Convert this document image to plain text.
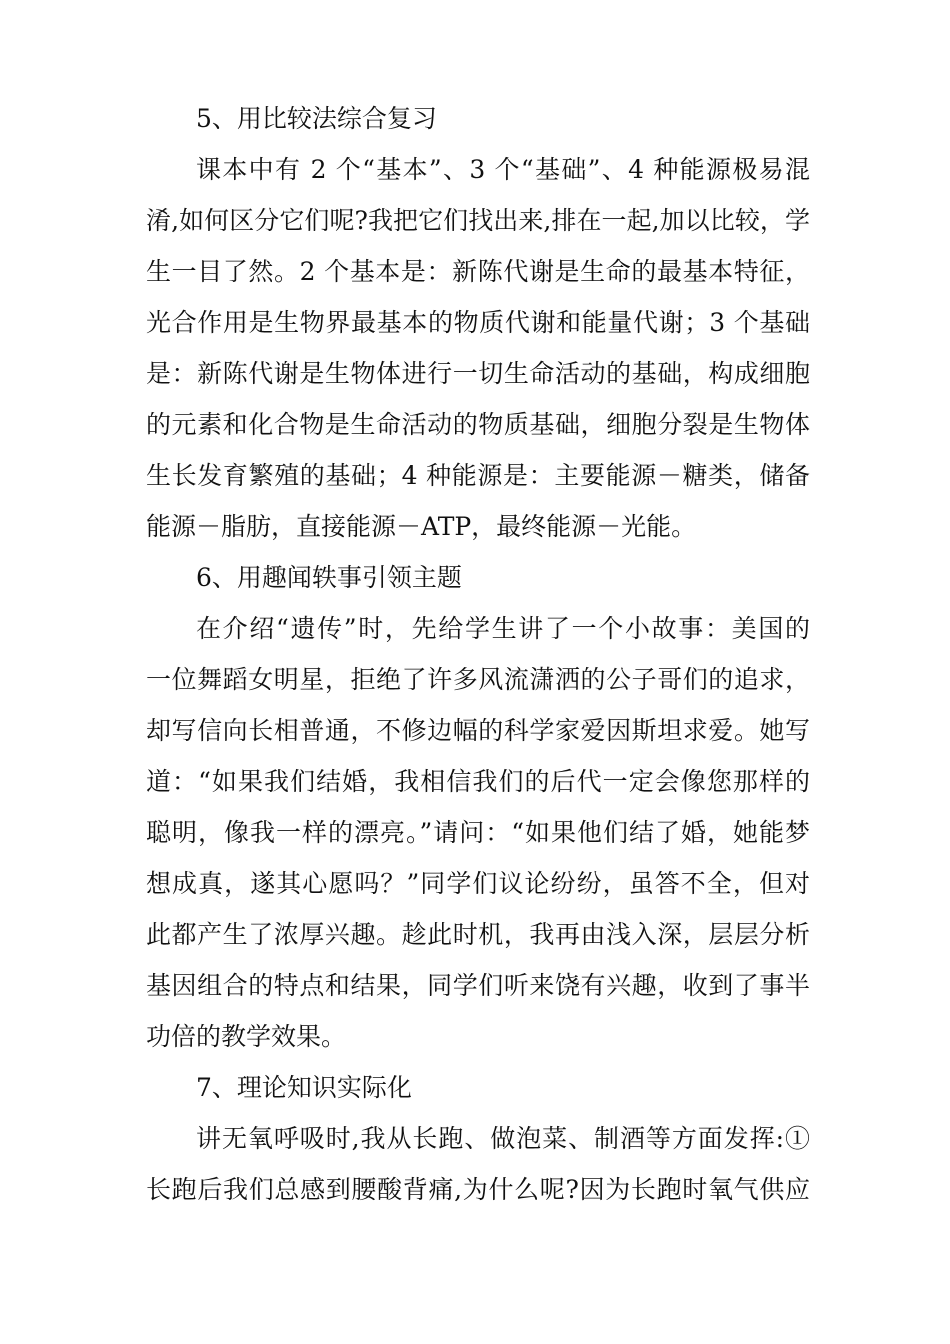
5、用比较法综合复习
课本中有 2 个“基本”、3 个“基础”、4 种能源极易混
淆,如何区分它们呢?我把它们找出来,排在一起,加以比较，学
生一目了然。2 个基本是：新陈代谢是生命的最基本特征，
光合作用是生物界最基本的物质代谢和能量代谢；3 个基础
是：新陈代谢是生物体进行一切生命活动的基础，构成细胞
的元素和化合物是生命活动的物质基础，细胞分裂是生物体
生长发育繁殖的基础；4 种能源是：主要能源－糖类，储备
能源－脂肪，直接能源－ATP，最终能源－光能。
6、用趣闻轶事引领主题
在介绍“遗传”时，先给学生讲了一个小故事：美国的
一位舞蹈女明星，拒绝了许多风流潇洒的公子哥们的追求，
却写信向长相普通，不修边幅的科学家爱因斯坦求爱。她写
道：“如果我们结婚，我相信我们的后代一定会像您那样的
聪明，像我一样的漂亮。”请问：“如果他们结了婚，她能梦
想成真，遂其心愿吗？”同学们议论纷纷，虽答不全，但对
此都产生了浓厚兴趣。趁此时机，我再由浅入深，层层分析
基因组合的特点和结果，同学们听来饶有兴趣，收到了事半
功倍的教学效果。
7、理论知识实际化
讲无氧呼吸时,我从长跑、做泡菜、制酒等方面发挥:①
长跑后我们总感到腰酸背痛,为什么呢?因为长跑时氧气供应
